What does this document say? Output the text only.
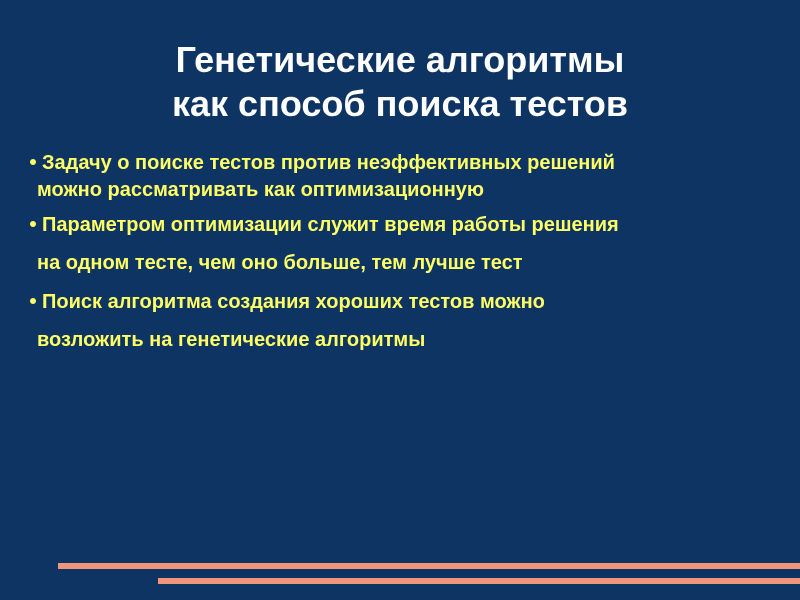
Генетические алгоритмы
как способ поиска тестов
Задачу о поиске тестов против неэффективных решений
можно рассматривать как оптимизационную
Параметром оптимизации служит время работы решения
на одном тесте, чем оно больше, тем лучше тест
Поиск алгоритма создания хороших тестов можно
возложить на генетические алгоритмы
